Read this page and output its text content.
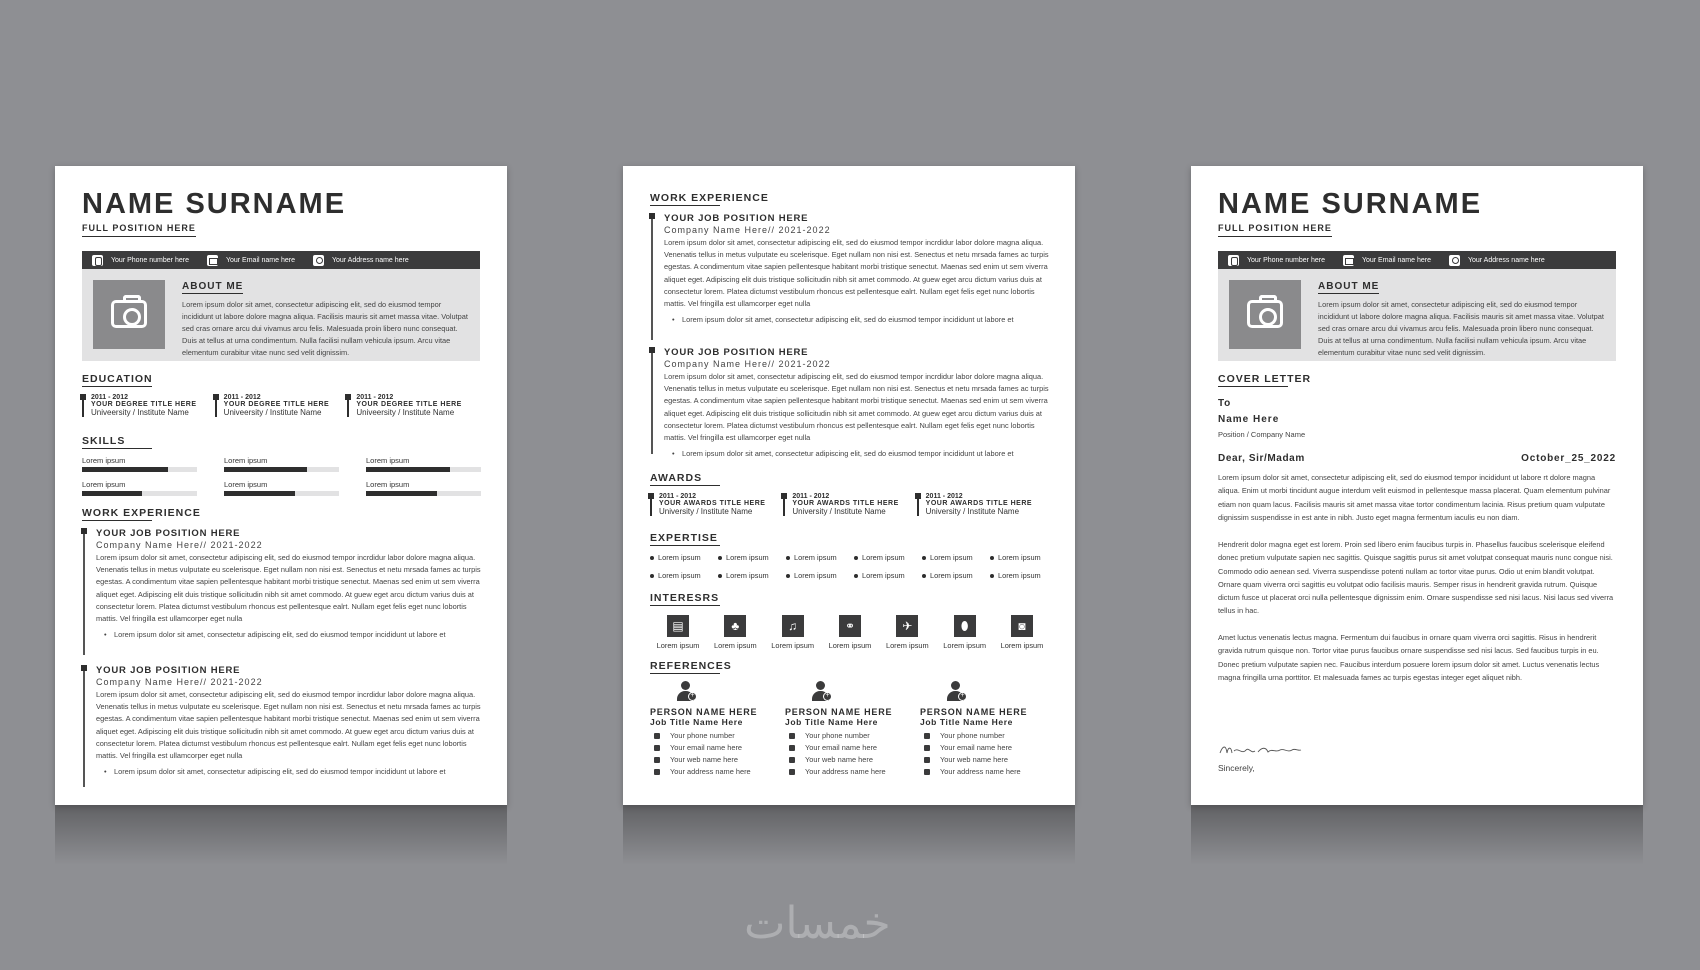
NAME SURNAME
FULL POSITION HERE
Your Phone number here	Your Email name here	Your Address name here
ABOUT ME
Lorem ipsum dolor sit amet, consectetur adipiscing elit, sed do eiusmod tempor incididunt ut labore dolore magna aliqua. Facilisis mauris sit amet massa vitae. Volutpat sed cras ornare arcu dui vivamus arcu felis. Malesuada proin libero nunc consequat. Duis at tellus at urna condimentum. Nulla facilisi nullam vehicula ipsum. Arcu vitae elementum curabitur vitae nunc sed velit dignissim.
EDUCATION
2011 - 2012
YOUR DEGREE TITLE HERE
Univeersity / Institute Name
2011 - 2012
YOUR DEGREE TITLE HERE
Univeersity / Institute Name
2011 - 2012
YOUR DEGREE TITLE HERE
Univeersity / Institute Name
SKILLS
Lorem ipsum	Lorem ipsum	Lorem ipsum
Lorem ipsum	Lorem ipsum	Lorem ipsum
WORK EXPERIENCE
YOUR JOB POSITION HERE
Company Name Here// 2021-2022
Lorem ipsum dolor sit amet, consectetur adipiscing elit, sed do eiusmod tempor incrdidur labor dolore magna aliqua. Venenatis tellus in metus vulputate eu scelerisque. Eget nullam non nisi est. Senectus et netu mrsada fames ac turpis egestas. A condimentum vitae sapien pellentesque habitant morbi tristique senectut. Maenas sed enim ut sem viverra aliquet eget. Adipiscing elit duis tristique sollicitudin nibh sit amet commodo. At guew eget arcu dictum varius duis at consectetur lorem. Platea dictumst vestibulum rhoncus est pellentesque ealrt. Nullam eget felis eget nunc lobortis mattis. Vel fringilla est ullamcorper eget nulla
• Lorem ipsum dolor sit amet, consectetur adipiscing elit, sed do eiusmod tempor incididunt ut labore et
YOUR JOB POSITION HERE
Company Name Here// 2021-2022
Lorem ipsum dolor sit amet, consectetur adipiscing elit, sed do eiusmod tempor incrdidur labor dolore magna aliqua. Venenatis tellus in metus vulputate eu scelerisque. Eget nullam non nisi est. Senectus et netu mrsada fames ac turpis egestas. A condimentum vitae sapien pellentesque habitant morbi tristique senectut. Maenas sed enim ut sem viverra aliquet eget. Adipiscing elit duis tristique sollicitudin nibh sit amet commodo. At guew eget arcu dictum varius duis at consectetur lorem. Platea dictumst vestibulum rhoncus est pellentesque ealrt. Nullam eget felis eget nunc lobortis mattis. Vel fringilla est ullamcorper eget nulla
• Lorem ipsum dolor sit amet, consectetur adipiscing elit, sed do eiusmod tempor incididunt ut labore et
WORK EXPERIENCE
YOUR JOB POSITION HERE
Company Name Here// 2021-2022
Lorem ipsum dolor sit amet, consectetur adipiscing elit, sed do eiusmod tempor incrdidur labor dolore magna aliqua. Venenatis tellus in metus vulputate eu scelerisque. Eget nullam non nisi est. Senectus et netu mrsada fames ac turpis egestas. A condimentum vitae sapien pellentesque habitant morbi tristique senectut. Maenas sed enim ut sem viverra aliquet eget. Adipiscing elit duis tristique sollicitudin nibh sit amet commodo. At guew eget arcu dictum varius duis at consectetur lorem. Platea dictumst vestibulum rhoncus est pellentesque ealrt. Nullam eget felis eget nunc lobortis mattis. Vel fringilla est ullamcorper eget nulla
• Lorem ipsum dolor sit amet, consectetur adipiscing elit, sed do eiusmod tempor incididunt ut labore et
YOUR JOB POSITION HERE
Company Name Here// 2021-2022
Lorem ipsum dolor sit amet, consectetur adipiscing elit, sed do eiusmod tempor incrdidur labor dolore magna aliqua. Venenatis tellus in metus vulputate eu scelerisque. Eget nullam non nisi est. Senectus et netu mrsada fames ac turpis egestas. A condimentum vitae sapien pellentesque habitant morbi tristique senectut. Maenas sed enim ut sem viverra aliquet eget. Adipiscing elit duis tristique sollicitudin nibh sit amet commodo. At guew eget arcu dictum varius duis at consectetur lorem. Platea dictumst vestibulum rhoncus est pellentesque ealrt. Nullam eget felis eget nunc lobortis mattis. Vel fringilla est ullamcorper eget nulla
• Lorem ipsum dolor sit amet, consectetur adipiscing elit, sed do eiusmod tempor incididunt ut labore et
AWARDS
2011 - 2012
YOUR AWARDS TITLE HERE
University / Institute Name
2011 - 2012
YOUR AWARDS TITLE HERE
University / Institute Name
2011 - 2012
YOUR AWARDS TITLE HERE
University / Institute Name
EXPERTISE
Lorem ipsum	Lorem ipsum	Lorem ipsum	Lorem ipsum	Lorem ipsum	Lorem ipsum
Lorem ipsum	Lorem ipsum	Lorem ipsum	Lorem ipsum	Lorem ipsum	Lorem ipsum
INTERESRS
▤
Lorem ipsum
♣
Lorem ipsum
♫
Lorem ipsum
⚭
Lorem ipsum
✈
Lorem ipsum
⬮
Lorem ipsum
◙
Lorem ipsum
REFERENCES
+
PERSON NAME HERE
Job Title Name Here
Your phone number
Your email name here
Your web name here
Your address name here
+
PERSON NAME HERE
Job Title Name Here
Your phone number
Your email name here
Your web name here
Your address name here
+
PERSON NAME HERE
Job Title Name Here
Your phone number
Your email name here
Your web name here
Your address name here
NAME SURNAME
FULL POSITION HERE
Your Phone number here	Your Email name here	Your Address name here
ABOUT ME
Lorem ipsum dolor sit amet, consectetur adipiscing elit, sed do eiusmod tempor incididunt ut labore dolore magna aliqua. Facilisis mauris sit amet massa vitae. Volutpat sed cras ornare arcu dui vivamus arcu felis. Malesuada proin libero nunc consequat. Duis at tellus at urna condimentum. Nulla facilisi nullam vehicula ipsum. Arcu vitae elementum curabitur vitae nunc sed velit dignissim.
COVER LETTER
To
Name Here
Position / Company Name
Dear, Sir/Madam	October_25_2022
Lorem ipsum dolor sit amet, consectetur adipiscing elit, sed do eiusmod tempor incididunt ut labore rt dolore magna aliqua. Enim ut morbi tincidunt augue interdum velit euismod in pellentesque massa placerat. Quam elementum pulvinar etiam non quam lacus. Facilisis mauris sit amet massa vitae tortor condimentum lacinia. Risus pretium quam vulputate dignissim suspendisse in est ante in nibh. Justo eget magna fermentum iaculis eu non diam.
Hendrerit dolor magna eget est lorem. Proin sed libero enim faucibus turpis in. Phasellus faucibus scelerisque eleifend donec pretium vulputate sapien nec sagittis. Quisque sagittis purus sit amet volutpat consequat mauris nunc congue nisi. Commodo odio aenean sed. Viverra suspendisse potenti nullam ac tortor vitae purus. Odio ut enim blandit volutpat. Ornare quam viverra orci sagittis eu volutpat odio facilisis mauris. Semper risus in hendrerit gravida rutrum. Quisque dictum fusce ut placerat orci nulla pellentesque dignissim enim. Ornare suspendisse sed nisi lacus. Nisi lacus sed viverra tellus in hac.
Amet luctus venenatis lectus magna. Fermentum dui faucibus in ornare quam viverra orci sagittis. Risus in hendrerit gravida rutrum quisque non. Tortor vitae purus faucibus ornare suspendisse sed nisi lacus. Sed faucibus turpis in eu. Donec pretium vulputate sapien nec. Faucibus interdum posuere lorem ipsum dolor sit amet. Luctus venenatis lectus magna fringilla urna porttitor. Et malesuada fames ac turpis egestas integer eget aliquet nibh.
Name Surname
Sincerely,
خمسات
